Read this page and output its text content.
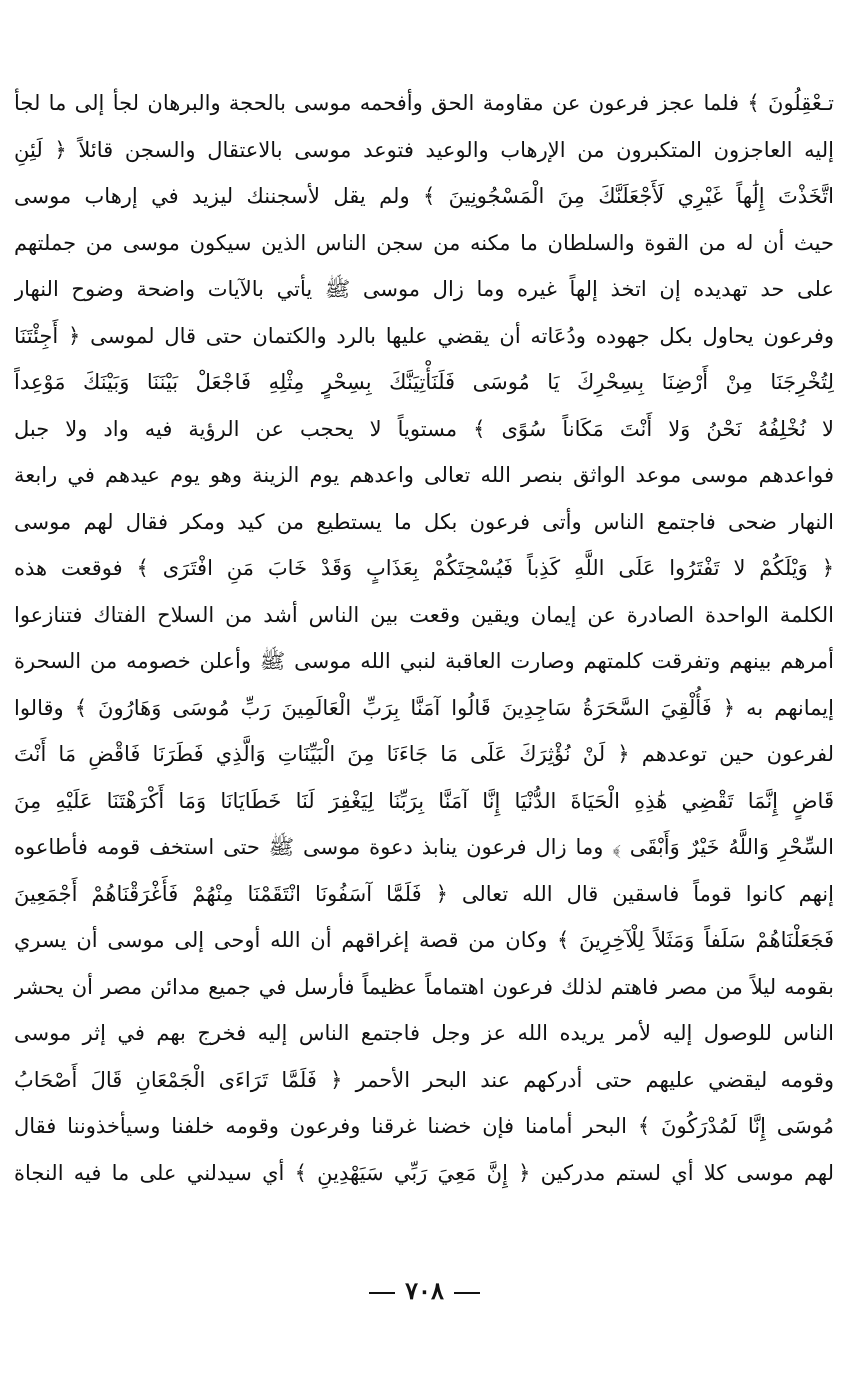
تـعْقِلُونَ ﴾ فلما عجز فرعون عن مقاومة الحق وأفحمه موسى بالحجة والبرهان لجأ إلى ما لجأ
إليه العاجزون المتكبرون من الإرهاب والوعيد فتوعد موسى بالاعتقال والسجن قائلاً ﴿ لَئِنِ
اتَّخَذْتَ إِلَٰهاً غَيْرِي لَأَجْعَلَنَّكَ مِنَ الْمَسْجُونِينَ ﴾ ولم يقل لأسجننك ليزيد في إرهاب موسى
حيث أن له من القوة والسلطان ما مكنه من سجن الناس الذين سيكون موسى من جملتهم
على حد تهديده إن اتخذ إلهاً غيره وما زال موسى ﷺ يأتي بالآيات واضحة وضوح النهار
وفرعون يحاول بكل جهوده ودُعَاته أن يقضي عليها بالرد والكتمان حتى قال لموسى ﴿ أَجِئْتَنَا
لِتُخْرِجَنَا مِنْ أَرْضِنَا بِسِحْرِكَ يَا مُوسَى فَلَنَأْتِيَنَّكَ بِسِحْرٍ مِثْلِهِ فَاجْعَلْ بَيْنَنَا وَبَيْنَكَ مَوْعِداً
لا نُخْلِفُهُ نَحْنُ وَلا أَنْتَ مَكَاناً سُوًى ﴾ مستوياً لا يحجب عن الرؤية فيه واد ولا جبل
فواعدهم موسى موعد الواثق بنصر الله تعالى واعدهم يوم الزينة وهو يوم عيدهم في رابعة
النهار ضحى فاجتمع الناس وأتى فرعون بكل ما يستطيع من كيد ومكر فقال لهم موسى
﴿ وَيْلَكُمْ لا تَفْتَرُوا عَلَى اللَّهِ كَذِباً فَيُسْحِتَكُمْ بِعَذَابٍ وَقَدْ خَابَ مَنِ افْتَرَى ﴾ فوقعت هذه
الكلمة الواحدة الصادرة عن إيمان ويقين وقعت بين الناس أشد من السلاح الفتاك فتنازعوا
أمرهم بينهم وتفرقت كلمتهم وصارت العاقبة لنبي الله موسى ﷺ وأعلن خصومه من السحرة
إيمانهم به ﴿ فَأُلْقِيَ السَّحَرَةُ سَاجِدِينَ قَالُوا آمَنَّا بِرَبِّ الْعَالَمِينَ رَبِّ مُوسَى وَهَارُونَ ﴾ وقالوا
لفرعون حين توعدهم ﴿ لَنْ نُؤْثِرَكَ عَلَى مَا جَاءَنَا مِنَ الْبَيِّنَاتِ وَالَّذِي فَطَرَنَا فَاقْضِ مَا أَنْتَ
قَاضٍ إِنَّمَا تَقْضِي هَٰذِهِ الْحَيَاةَ الدُّنْيَا إِنَّا آمَنَّا بِرَبِّنَا لِيَغْفِرَ لَنَا خَطَايَانَا وَمَا أَكْرَهْتَنَا عَلَيْهِ مِنَ
السِّحْرِ وَاللَّهُ خَيْرٌ وَأَبْقَى ﴾ وما زال فرعون ينابذ دعوة موسى ﷺ حتى استخف قومه فأطاعوه
إنهم كانوا قوماً فاسقين قال الله تعالى ﴿ فَلَمَّا آسَفُونَا انْتَقَمْنَا مِنْهُمْ فَأَغْرَقْنَاهُمْ أَجْمَعِينَ
فَجَعَلْنَاهُمْ سَلَفاً وَمَثَلاً لِلْآخِرِينَ ﴾ وكان من قصة إغراقهم أن الله أوحى إلى موسى أن يسري
بقومه ليلاً من مصر فاهتم لذلك فرعون اهتماماً عظيماً فأرسل في جميع مدائن مصر أن يحشر
الناس للوصول إليه لأمر يريده الله عز وجل فاجتمع الناس إليه فخرج بهم في إثر موسى
وقومه ليقضي عليهم حتى أدركهم عند البحر الأحمر ﴿ فَلَمَّا تَرَاءَى الْجَمْعَانِ قَالَ أَصْحَابُ
مُوسَى إِنَّا لَمُدْرَكُونَ ﴾ البحر أمامنا فإن خضنا غرقنا وفرعون وقومه خلفنا وسيأخذوننا فقال
لهم موسى كلا أي لستم مدركين ﴿ إِنَّ مَعِيَ رَبِّي سَيَهْدِينِ ﴾ أي سيدلني على ما فيه النجاة
٧٠٨
